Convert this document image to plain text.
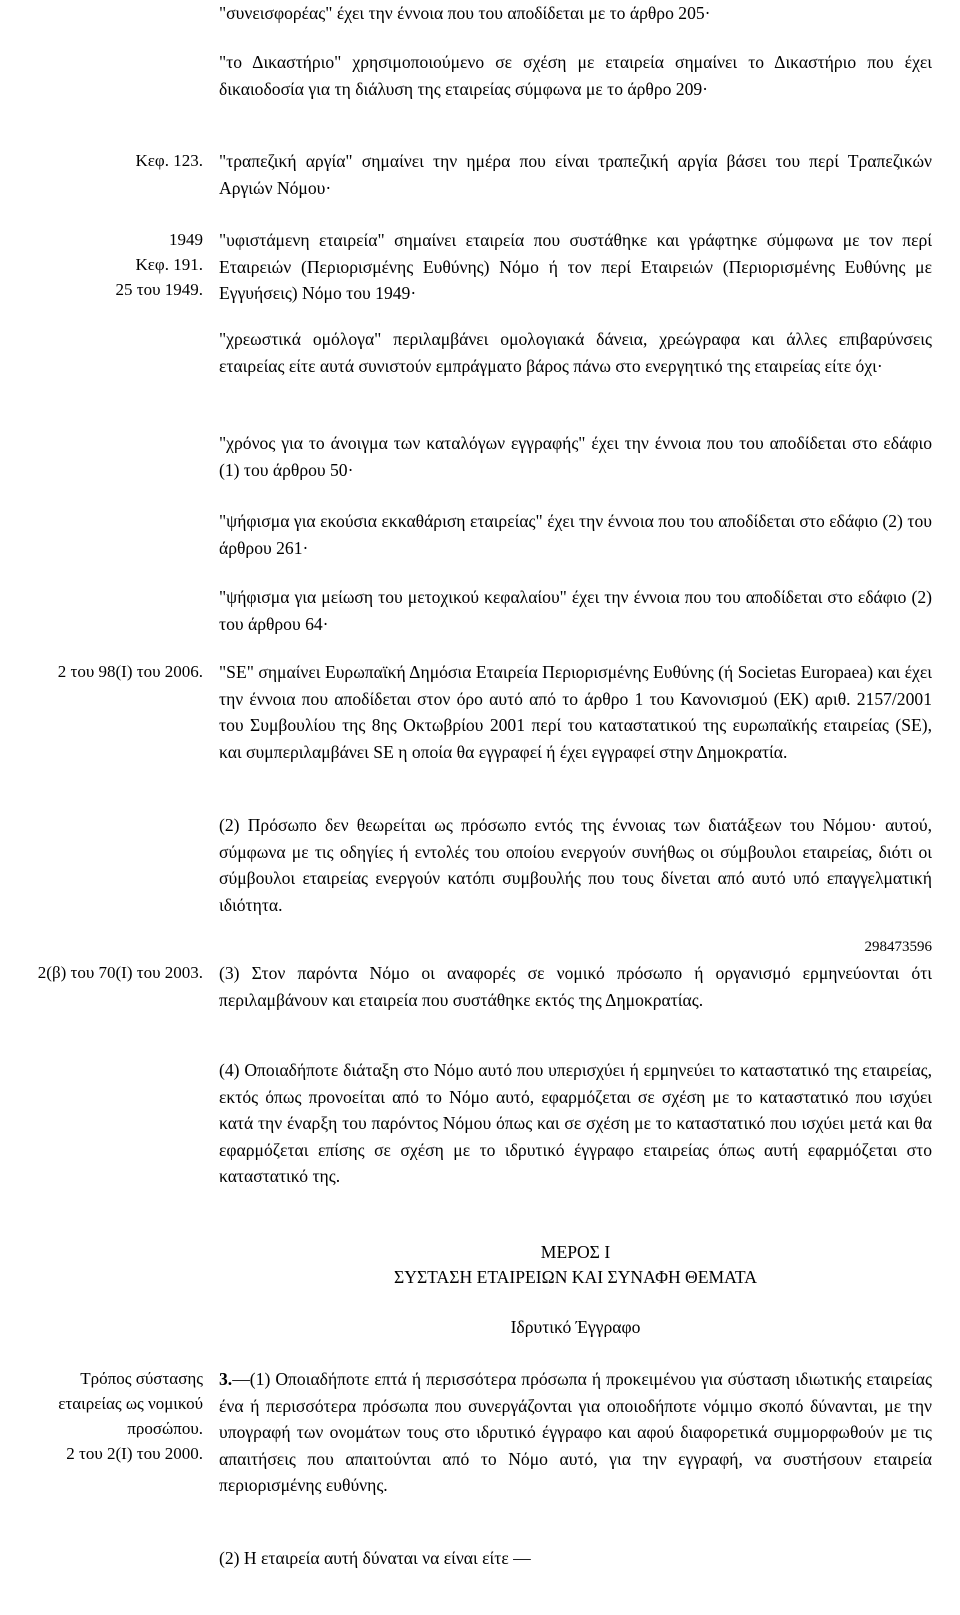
Κεφ. 123.
1949
Κεφ. 191.
25 του 1949.
2 του 98(Ι) του 2006.
2(β) του 70(Ι) του 2003.
Τρόπος σύστασης
εταιρείας ως νομικού
προσώπου.
2 του 2(Ι) του 2000.
"συνεισφορέας" έχει την έννοια που του αποδίδεται με το άρθρο 205·
"το Δικαστήριο" χρησιμοποιούμενο σε σχέση με εταιρεία σημαίνει το Δικαστήριο που έχει δικαιοδοσία για τη διάλυση της εταιρείας σύμφωνα με το άρθρο 209·
"τραπεζική αργία" σημαίνει την ημέρα που είναι τραπεζική αργία βάσει του περί Τραπεζικών Αργιών Νόμου·
"υφιστάμενη εταιρεία" σημαίνει εταιρεία που συστάθηκε και γράφτηκε σύμφωνα με τον περί Εταιρειών (Περιορισμένης Ευθύνης) Νόμο ή τον περί Εταιρειών (Περιορισμένης Ευθύνης με Εγγυήσεις) Νόμο του 1949·
"χρεωστικά ομόλογα" περιλαμβάνει ομολογιακά δάνεια, χρεώγραφα και άλλες επιβαρύνσεις εταιρείας είτε αυτά συνιστούν εμπράγματο βάρος πάνω στο ενεργητικό της εταιρείας είτε όχι·
"χρόνος για το άνοιγμα των καταλόγων εγγραφής" έχει την έννοια που του αποδίδεται στο εδάφιο (1) του άρθρου 50·
"ψήφισμα για εκούσια εκκαθάριση εταιρείας" έχει την έννοια που του αποδίδεται στο εδάφιο (2) του άρθρου 261·
"ψήφισμα για μείωση του μετοχικού κεφαλαίου" έχει την έννοια που του αποδίδεται στο εδάφιο (2) του άρθρου 64·
"SE" σημαίνει Ευρωπαϊκή Δημόσια Εταιρεία Περιορισμένης Ευθύνης (ή Societas Europaea) και έχει την έννοια που αποδίδεται στον όρο αυτό από το άρθρο 1 του Κανονισμού (ΕΚ) αριθ. 2157/2001 του Συμβουλίου της 8ης Οκτωβρίου 2001 περί του καταστατικού της ευρωπαϊκής εταιρείας (SE), και συμπεριλαμβάνει SE η οποία θα εγγραφεί ή έχει εγγραφεί στην Δημοκρατία.
(2) Πρόσωπο δεν θεωρείται ως πρόσωπο εντός της έννοιας των διατάξεων του Νόμου· αυτού, σύμφωνα με τις οδηγίες ή εντολές του οποίου ενεργούν συνήθως οι σύμβουλοι εταιρείας, διότι οι σύμβουλοι εταιρείας ενεργούν κατόπι συμβουλής που τους δίνεται από αυτό υπό επαγγελματική ιδιότητα.
298473596
(3) Στον παρόντα Νόμο οι αναφορές σε νομικό πρόσωπο ή οργανισμό ερμηνεύονται ότι περιλαμβάνουν και εταιρεία που συστάθηκε εκτός της Δημοκρατίας.
(4) Οποιαδήποτε διάταξη στο Νόμο αυτό που υπερισχύει ή ερμηνεύει το καταστατικό της εταιρείας, εκτός όπως προνοείται από το Νόμο αυτό, εφαρμόζεται σε σχέση με το καταστατικό που ισχύει κατά την έναρξη του παρόντος Νόμου όπως και σε σχέση με το καταστατικό που ισχύει μετά και θα εφαρμόζεται επίσης σε σχέση με το ιδρυτικό έγγραφο εταιρείας όπως αυτή εφαρμόζεται στο καταστατικό της.
ΜΕΡΟΣ Ι
ΣΥΣΤΑΣΗ ΕΤΑΙΡΕΙΩΝ ΚΑΙ ΣΥΝΑΦΗ ΘΕΜΑΤΑ
Ιδρυτικό Έγγραφο
3.—(1) Οποιαδήποτε επτά ή περισσότερα πρόσωπα ή προκειμένου για σύσταση ιδιωτικής εταιρείας ένα ή περισσότερα πρόσωπα που συνεργάζονται για οποιοδήποτε νόμιμο σκοπό δύνανται, με την υπογραφή των ονομάτων τους στο ιδρυτικό έγγραφο και αφού διαφορετικά συμμορφωθούν με τις απαιτήσεις που απαιτούνται από το Νόμο αυτό, για την εγγραφή, να συστήσουν εταιρεία περιορισμένης ευθύνης.
(2) Η εταιρεία αυτή δύναται να είναι είτε —
